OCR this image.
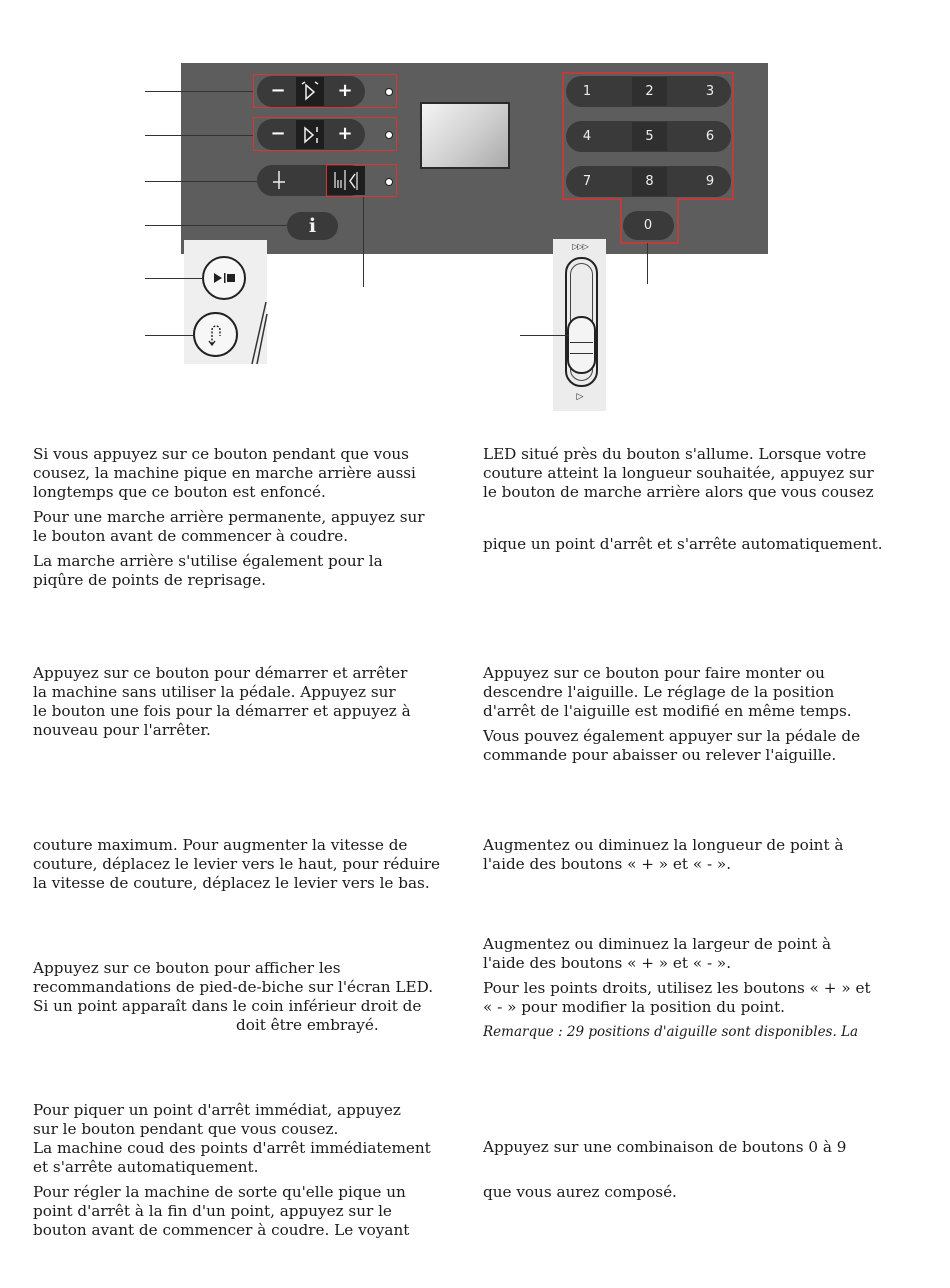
−	+
−	+
i
1	2	3
4	5	6
7	8	9
0
▷▷▷
▷
Si vous appuyez sur ce bouton pendant que vous
cousez, la machine pique en marche arrière aussi
longtemps que ce bouton est enfoncé.
Pour une marche arrière permanente, appuyez sur
le bouton avant de commencer à coudre.
La marche arrière s'utilise également pour la
piqûre de points de reprisage.
Appuyez sur ce bouton pour démarrer et arrêter
la machine sans utiliser la pédale. Appuyez sur
le bouton une fois pour la démarrer et appuyez à
nouveau pour l'arrêter.
couture maximum. Pour augmenter la vitesse de
couture, déplacez le levier vers le haut, pour réduire
la vitesse de couture, déplacez le levier vers le bas.
Appuyez sur ce bouton pour afficher les
recommandations de pied-de-biche sur l'écran LED.
Si un point apparaît dans le coin inférieur droit de
doit être embrayé.
Pour piquer un point d'arrêt immédiat, appuyez
sur le bouton pendant que vous cousez.
La machine coud des points d'arrêt immédiatement
et s'arrête automatiquement.
Pour régler la machine de sorte qu'elle pique un
point d'arrêt à la fin d'un point, appuyez sur le
bouton avant de commencer à coudre. Le voyant
LED situé près du bouton s'allume. Lorsque votre
couture atteint la longueur souhaitée, appuyez sur
le bouton de marche arrière alors que vous cousez
pique un point d'arrêt et s'arrête automatiquement.
Appuyez sur ce bouton pour faire monter ou
descendre l'aiguille. Le réglage de la position
d'arrêt de l'aiguille est modifié en même temps.
Vous pouvez également appuyer sur la pédale de
commande pour abaisser ou relever l'aiguille.
Augmentez ou diminuez la longueur de point à
l'aide des boutons « + » et « - ».
Augmentez ou diminuez la largeur de point à
l'aide des boutons « + » et « - ».
Pour les points droits, utilisez les boutons « + » et
« - » pour modifier la position du point.
Remarque : 29 positions d'aiguille sont disponibles. La
Appuyez sur une combinaison de boutons 0 à 9
que vous aurez composé.
